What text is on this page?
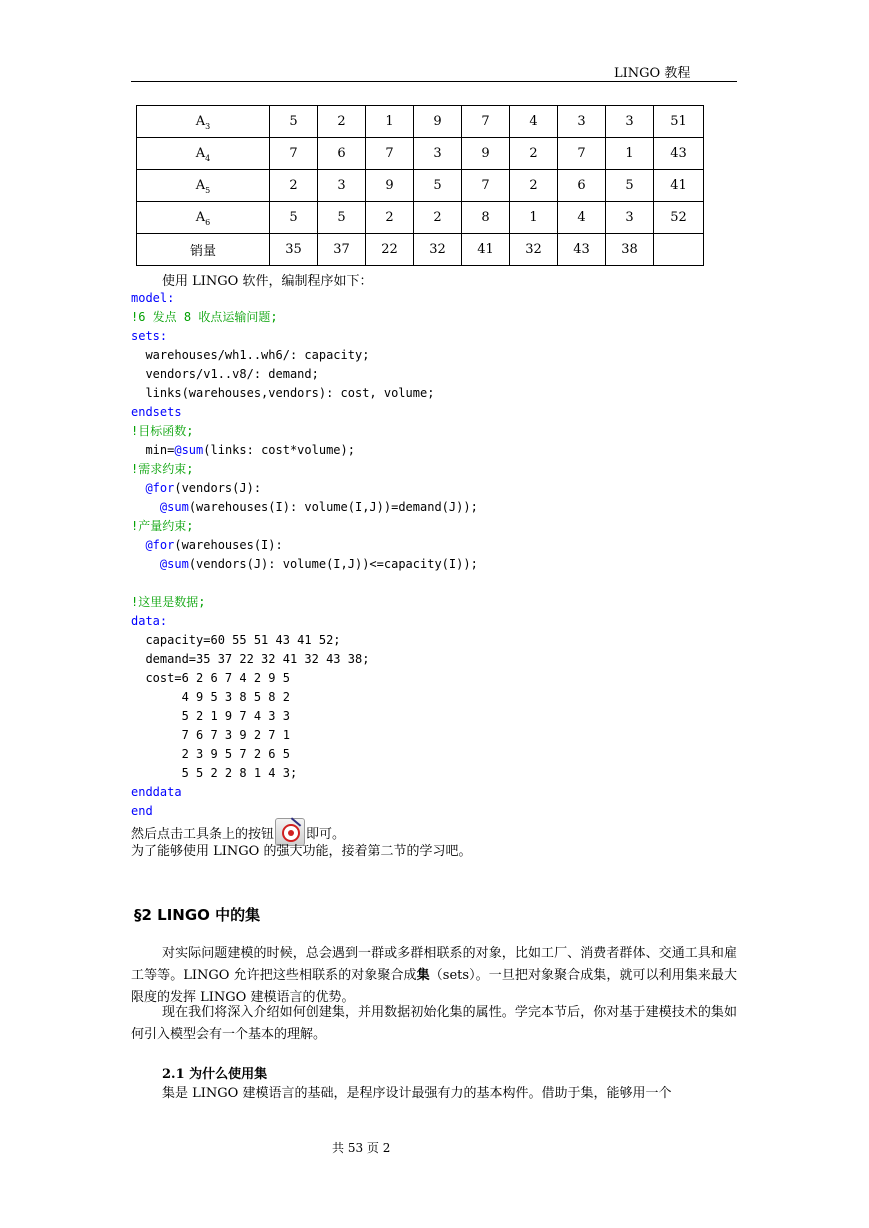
LINGO 教程
$A_3$	5	2	1	9	7	4	3	3	51
$A_4$	7	6	7	3	9	2	7	1	43
$A_5$	2	3	9	5	7	2	6	5	41
$A_6$	5	5	2	2	8	1	4	3	52
销量	35	37	22	32	41	32	43	38	
使用 LINGO 软件，编制程序如下：
model:
!6 发点 8 收点运输问题;
sets:
warehouses/wh1..wh6/: capacity;
vendors/v1..v8/: demand;
links(warehouses,vendors): cost, volume;
endsets
!目标函数;
min=@sum(links: cost*volume);
!需求约束;
@for(vendors(J):
@sum(warehouses(I): volume(I,J))=demand(J));
!产量约束;
@for(warehouses(I):
@sum(vendors(J): volume(I,J))<=capacity(I));
!这里是数据;
data:
capacity=60 55 51 43 41 52;
demand=35 37 22 32 41 32 43 38;
cost=6 2 6 7 4 2 9 5
4 9 5 3 8 5 8 2
5 2 1 9 7 4 3 3
7 6 7 3 9 2 7 1
2 3 9 5 7 2 6 5
5 5 2 2 8 1 4 3;
enddata
end
然后点击工具条上的按钮 即可。
为了能够使用 LINGO 的强大功能，接着第二节的学习吧。
§2 LINGO 中的集
对实际问题建模的时候，总会遇到一群或多群相联系的对象，比如工厂、消费者群体、交通工具和雇工等等。LINGO 允许把这些相联系的对象聚合成集（sets）。一旦把对象聚合成集，就可以利用集来最大限度的发挥 LINGO 建模语言的优势。
现在我们将深入介绍如何创建集，并用数据初始化集的属性。学完本节后，你对基于建模技术的集如何引入模型会有一个基本的理解。
2.1 为什么使用集
集是 LINGO 建模语言的基础，是程序设计最强有力的基本构件。借助于集，能够用一个
共 53 页 2
